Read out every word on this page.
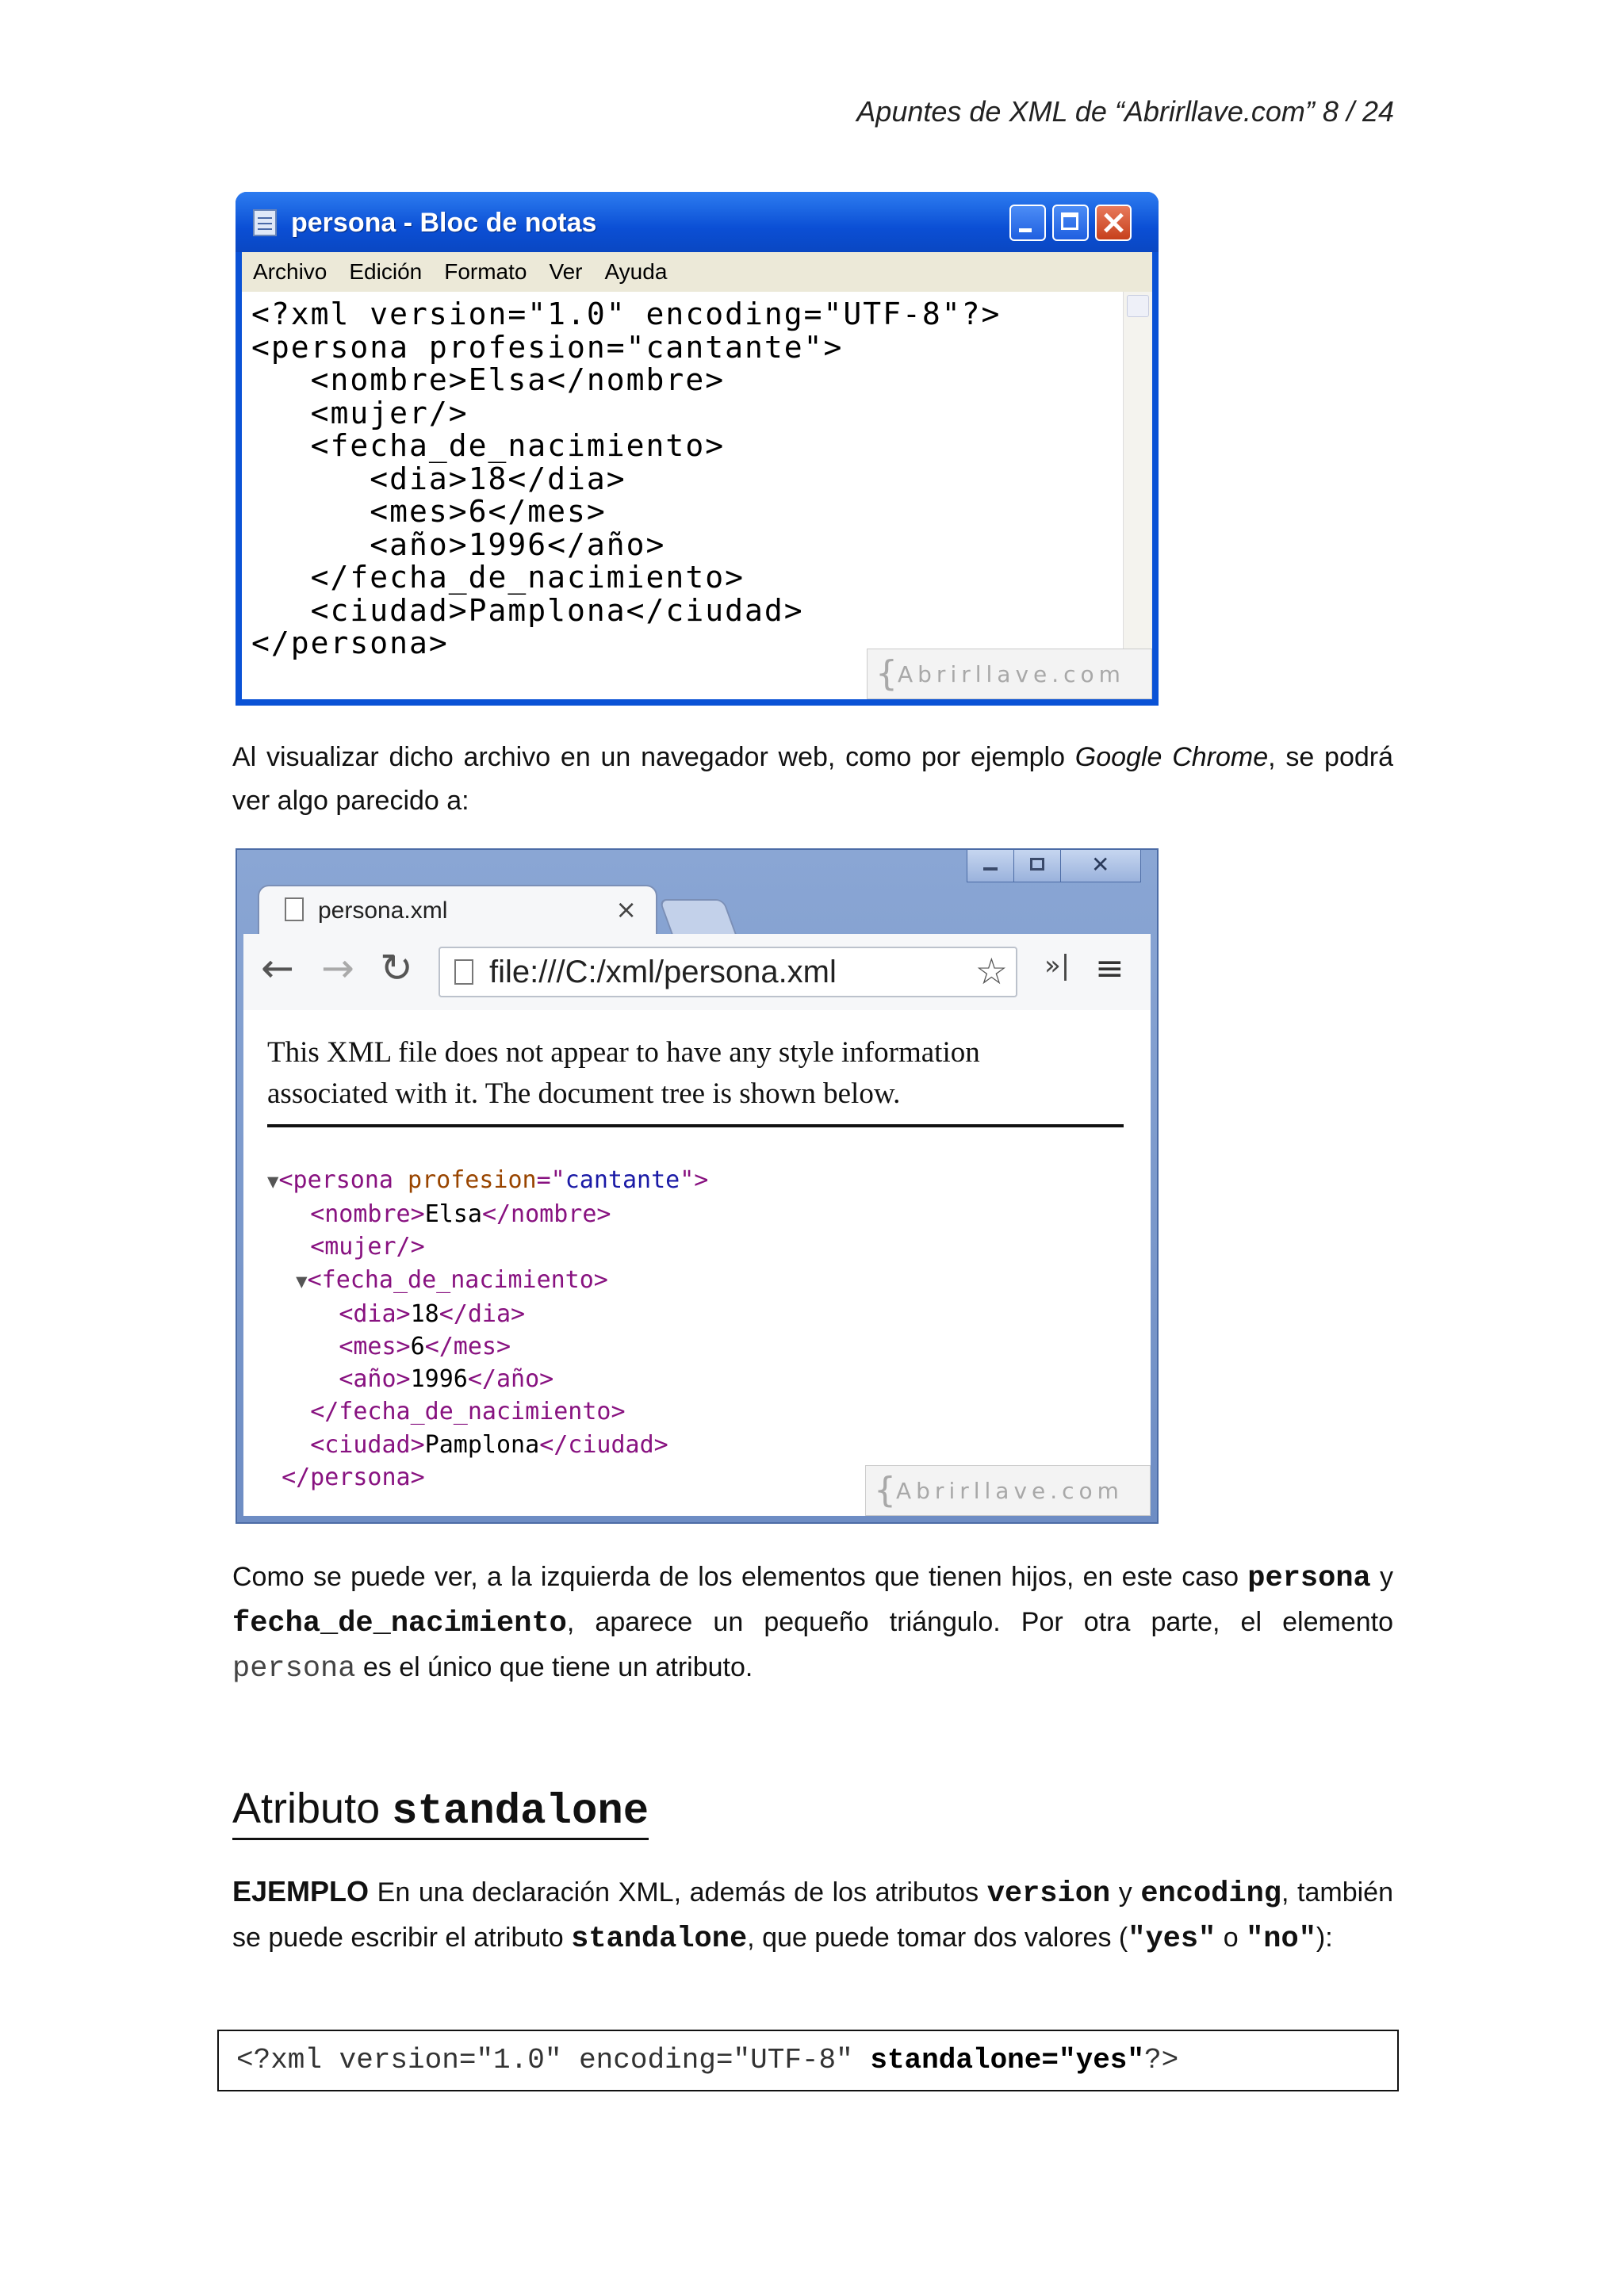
Apuntes de XML de “Abrirllave.com” 8 / 24
persona - Bloc de notas
Archivo Edición Formato Ver Ayuda
<?xml version="1.0" encoding="UTF-8"?>
<persona profesion="cantante">
<nombre>Elsa</nombre>
<mujer/>
<fecha_de_nacimiento>
<dia>18</dia>
<mes>6</mes>
<año>1996</año>
</fecha_de_nacimiento>
<ciudad>Pamplona</ciudad>
</persona>
{Abrirllave.com
Al visualizar dicho archivo en un navegador web, como por ejemplo Google Chrome, se podrá ver algo parecido a:
✕
persona.xml	×
← → ↻ file:///C:/xml/persona.xml	☆ »| ≡
This XML file does not appear to have any style information associated with it. The document tree is shown below.
▼<persona profesion="cantante">
<nombre>Elsa</nombre>
<mujer/>
▼<fecha_de_nacimiento>
<dia>18</dia>
<mes>6</mes>
<año>1996</año>
</fecha_de_nacimiento>
<ciudad>Pamplona</ciudad>
</persona>	{Abrirllave.com
Como se puede ver, a la izquierda de los elementos que tienen hijos, en este caso persona y fecha_de_nacimiento, aparece un pequeño triángulo. Por otra parte, el elemento persona es el único que tiene un atributo.
Atributo standalone
EJEMPLO En una declaración XML, además de los atributos version y encoding, también se puede escribir el atributo standalone, que puede tomar dos valores ("yes" o "no"):
<?xml version="1.0" encoding="UTF-8" standalone="yes"?>
